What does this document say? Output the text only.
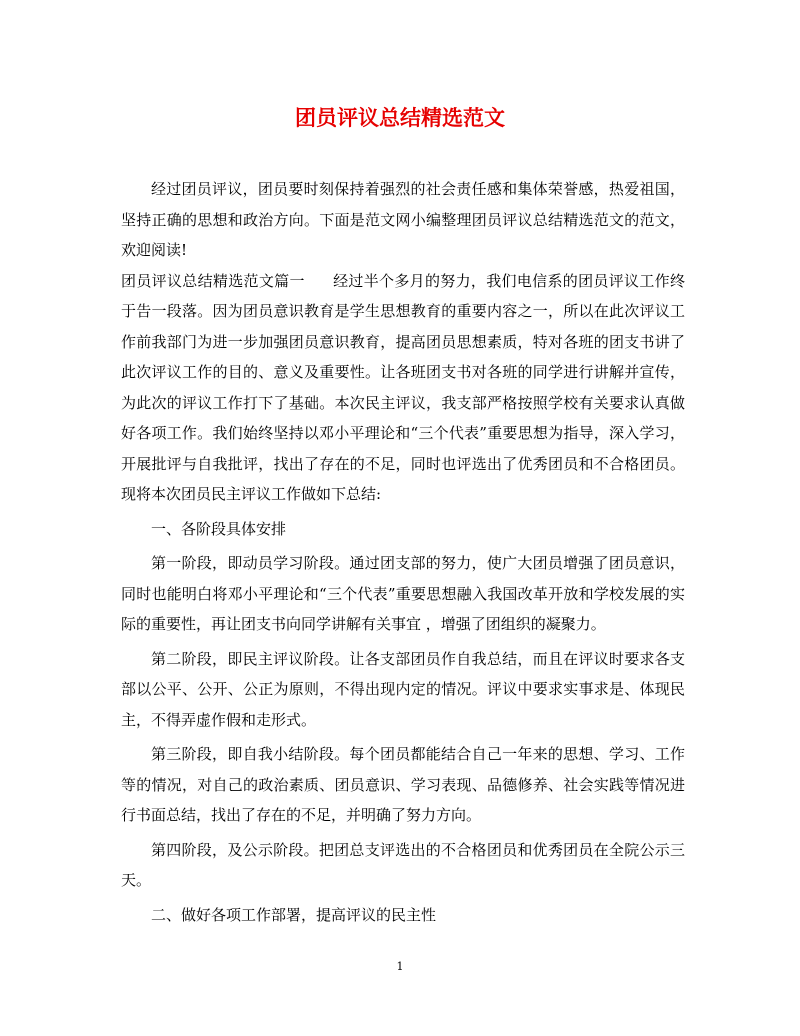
团员评议总结精选范文

经过团员评议，团员要时刻保持着强烈的社会责任感和集体荣誉感，热爱祖国，坚持正确的思想和政治方向。下面是范文网小编整理团员评议总结精选范文的范文，欢迎阅读!

团员评议总结精选范文篇一 经过半个多月的努力，我们电信系的团员评议工作终于告一段落。因为团员意识教育是学生思想教育的重要内容之一，所以在此次评议工作前我部门为进一步加强团员意识教育，提高团员思想素质，特对各班的团支书讲了此次评议工作的目的、意义及重要性。让各班团支书对各班的同学进行讲解并宣传，为此次的评议工作打下了基础。本次民主评议，我支部严格按照学校有关要求认真做好各项工作。我们始终坚持以邓小平理论和“三个代表”重要思想为指导，深入学习，开展批评与自我批评，找出了存在的不足，同时也评选出了优秀团员和不合格团员。现将本次团员民主评议工作做如下总结:

一、各阶段具体安排

第一阶段，即动员学习阶段。通过团支部的努力，使广大团员增强了团员意识，同时也能明白将邓小平理论和“三个代表”重要思想融入我国改革开放和学校发展的实际的重要性，再让团支书向同学讲解有关事宜 ，增强了团组织的凝聚力。

第二阶段，即民主评议阶段。让各支部团员作自我总结，而且在评议时要求各支部以公平、公开、公正为原则，不得出现内定的情况。评议中要求实事求是、体现民主，不得弄虚作假和走形式。

第三阶段，即自我小结阶段。每个团员都能结合自己一年来的思想、学习、工作等的情况，对自己的政治素质、团员意识、学习表现、品德修养、社会实践等情况进行书面总结，找出了存在的不足，并明确了努力方向。

第四阶段，及公示阶段。把团总支评选出的不合格团员和优秀团员在全院公示三天。

二、做好各项工作部署，提高评议的民主性

1
